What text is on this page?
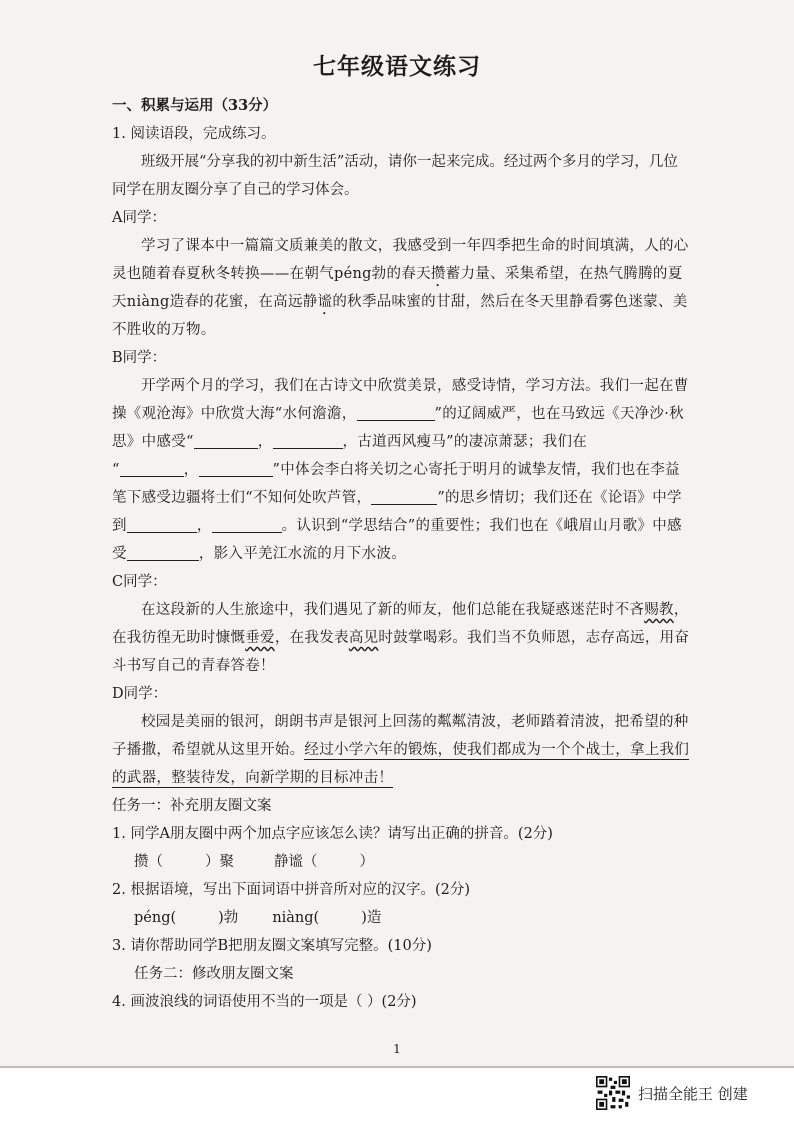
七年级语文练习
一、积累与运用（33分）
1. 阅读语段，完成练习。
班级开展“分享我的初中新生活”活动，请你一起来完成。经过两个多月的学习，几位
同学在朋友圈分享了自己的学习体会。
A同学：
学习了课本中一篇篇文质兼美的散文，我感受到一年四季把生命的时间填满，人的心
灵也随着春夏秋冬转换——在朝气péng勃的春天攒蓄力量、采集希望，在热气腾腾的夏
天niàng造春的花蜜，在高远静谧的秋季品味蜜的甘甜，然后在冬天里静看雾色迷蒙、美
不胜收的万物。
B同学：
开学两个月的学习，我们在古诗文中欣赏美景，感受诗情，学习方法。我们一起在曹
操《观沧海》中欣赏大海“水何澹澹，	”的辽阔威严，也在马致远《天净沙·秋
思》中感受“	，	，古道西风瘦马”的凄凉萧瑟；我们在
“	，	”中体会李白将关切之心寄托于明月的诚挚友情，我们也在李益
笔下感受边疆将士们“不知何处吹芦管，	”的思乡情切；我们还在《论语》中学
到	，	。认识到“学思结合”的重要性；我们也在《峨眉山月歌》中感
受	，影入平羌江水流的月下水波。
C同学：
在这段新的人生旅途中，我们遇见了新的师友，他们总能在我疑惑迷茫时不吝赐教，
在我彷徨无助时慷慨垂爱，在我发表高见时鼓掌喝彩。我们当不负师恩，志存高远，用奋
斗书写自己的青春答卷！
D同学：
校园是美丽的银河，朗朗书声是银河上回荡的粼粼清波，老师踏着清波，把希望的种
子播撒，希望就从这里开始。经过小学六年的锻炼，使我们都成为一个个战士，拿上我们
的武器，整装待发，向新学期的目标冲击！
任务一：补充朋友圈文案
1. 同学A朋友圈中两个加点字应该怎么读？请写出正确的拼音。(2分)
攒（	）聚	静谧（	）
2. 根据语境，写出下面词语中拼音所对应的汉字。(2分)
péng(	)勃 niàng(	)造
3. 请你帮助同学B把朋友圈文案填写完整。(10分)
任务二：修改朋友圈文案
4. 画波浪线的词语使用不当的一项是（ ）(2分)
1
扫描全能王 创建
